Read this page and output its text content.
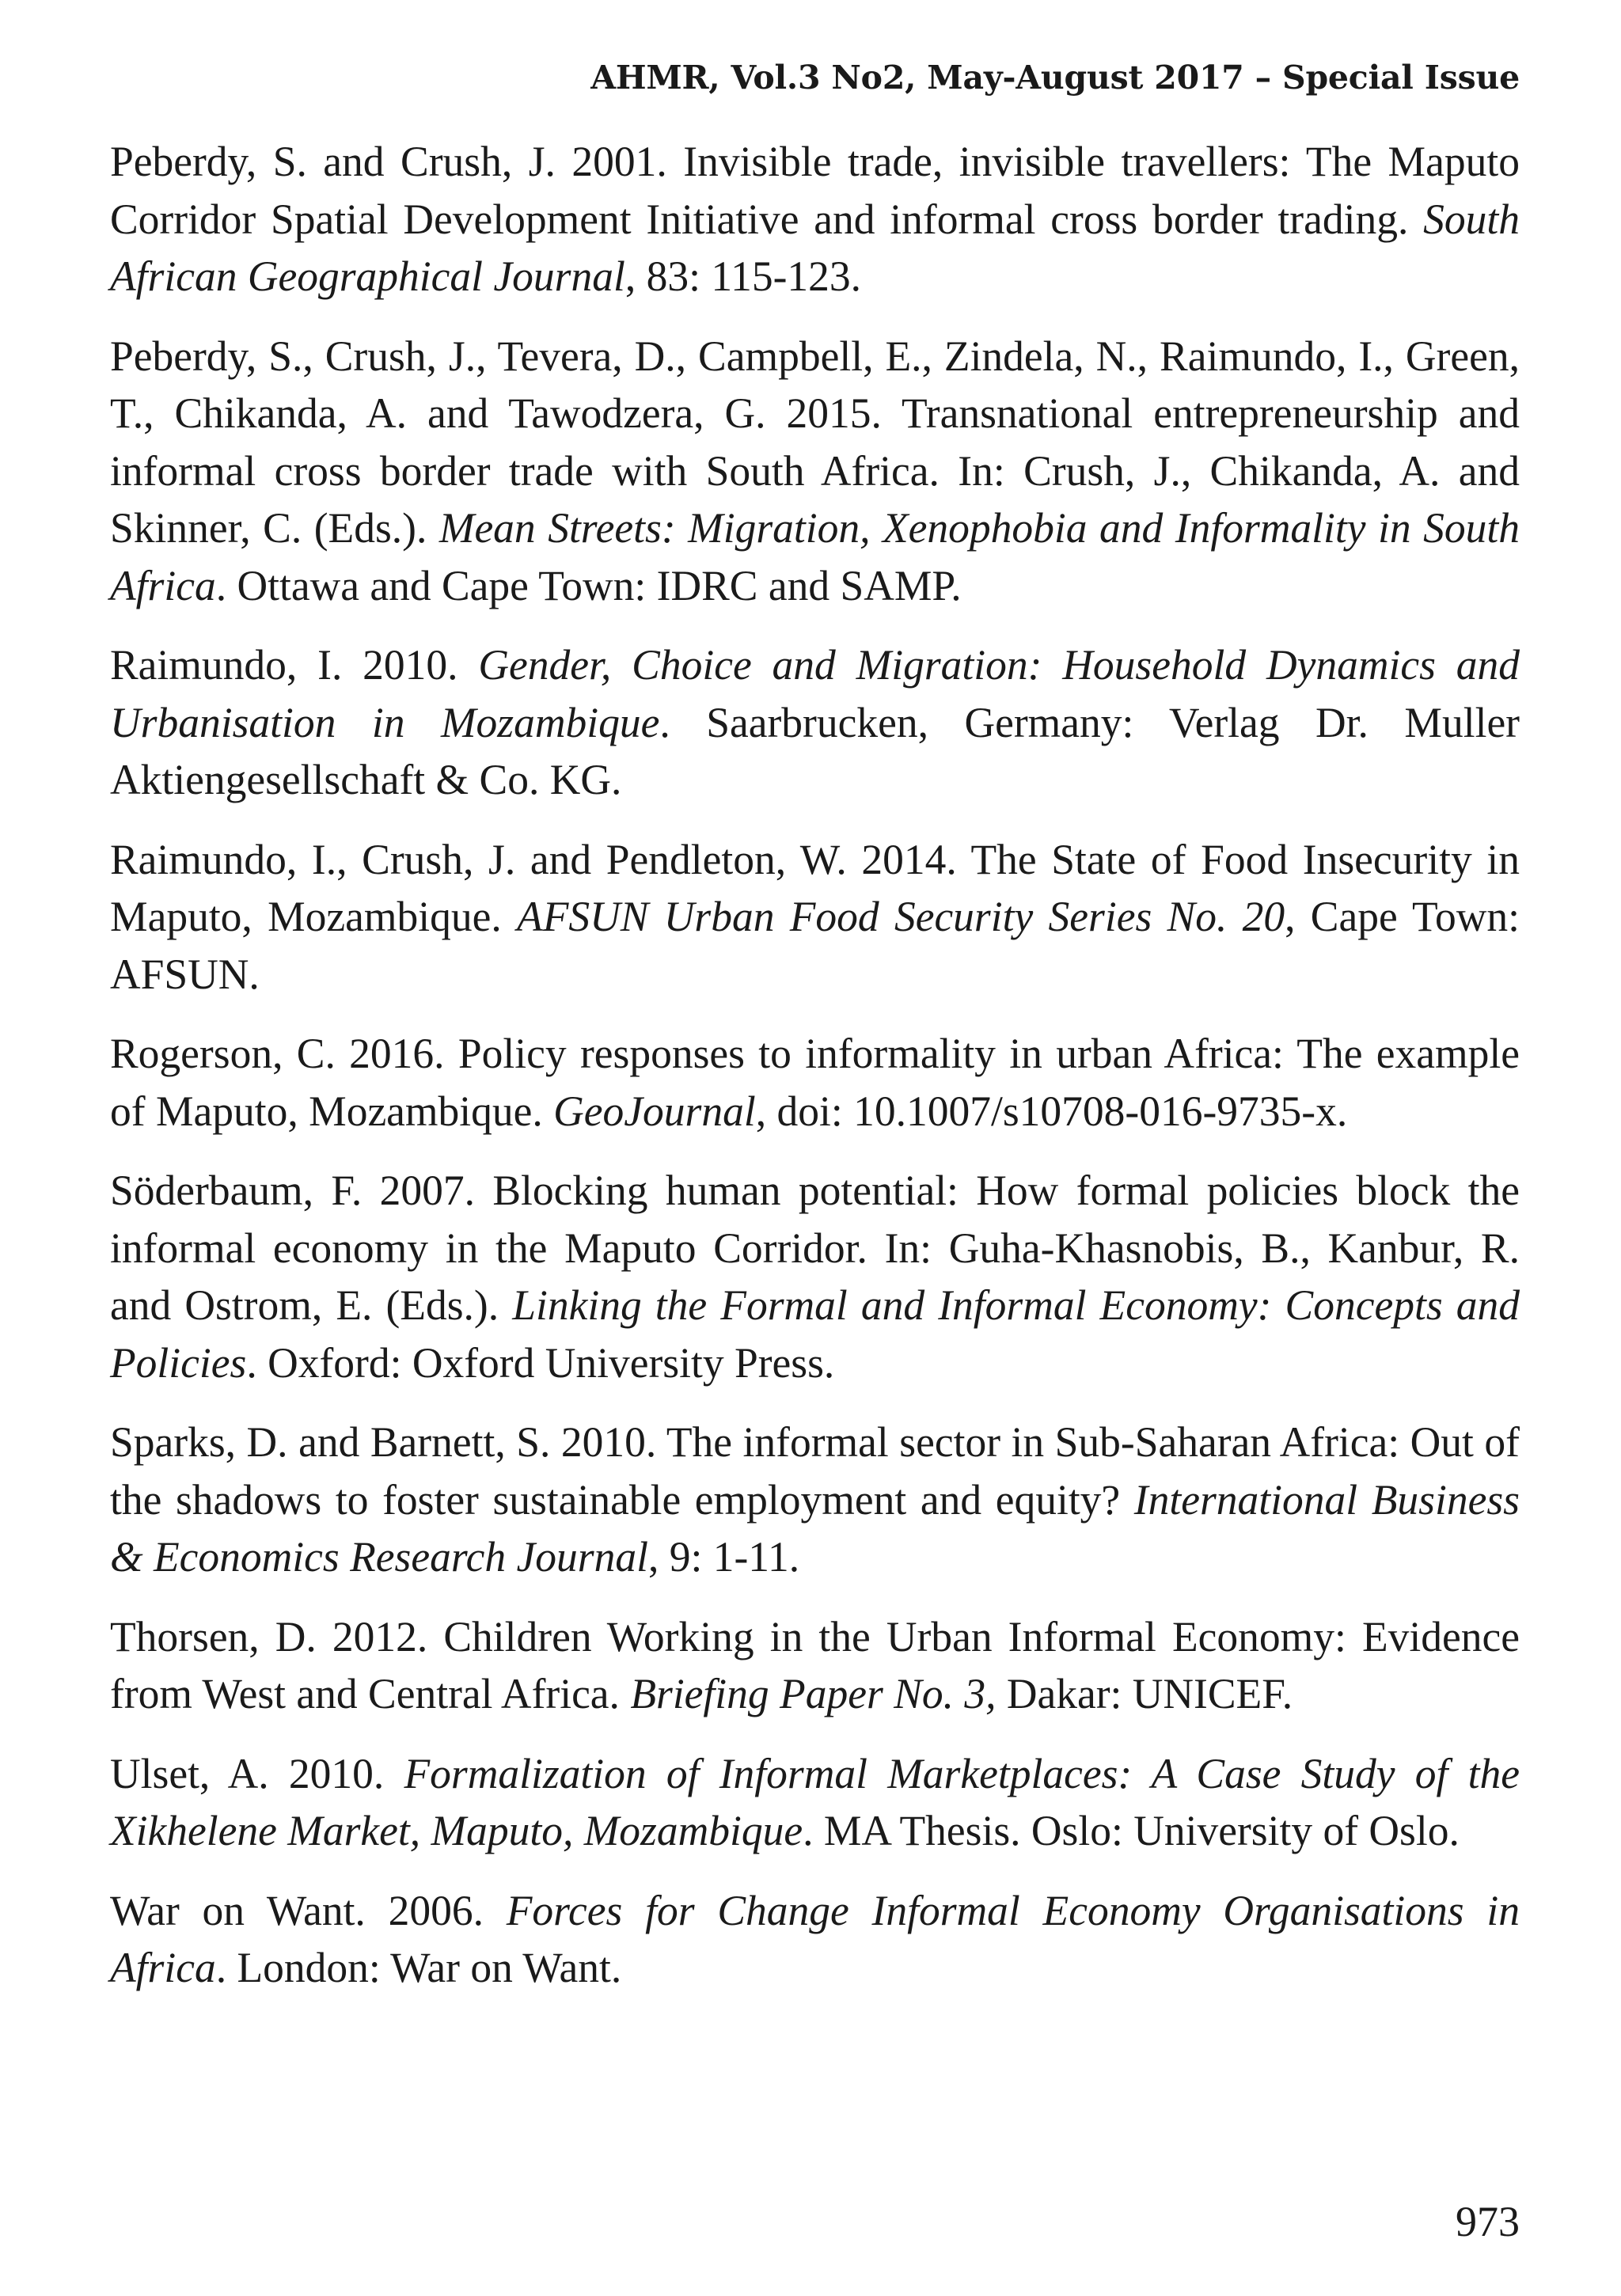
AHMR, Vol.3 No2, May-August 2017 – Special Issue

Peberdy, S. and Crush, J. 2001. Invisible trade, invisible travellers: The Maputo Corridor Spatial Development Initiative and informal cross border trading. South African Geographical Journal, 83: 115-123.

Peberdy, S., Crush, J., Tevera, D., Campbell, E., Zindela, N., Raimundo, I., Green, T., Chikanda, A. and Tawodzera, G. 2015. Transnational entrepreneurship and informal cross border trade with South Africa. In: Crush, J., Chikanda, A. and Skinner, C. (Eds.). Mean Streets: Migration, Xenophobia and Informality in South Africa. Ottawa and Cape Town: IDRC and SAMP.

Raimundo, I. 2010. Gender, Choice and Migration: Household Dynamics and Urbanisation in Mozambique. Saarbrucken, Germany: Verlag Dr. Muller Aktiengesellschaft & Co. KG.

Raimundo, I., Crush, J. and Pendleton, W. 2014. The State of Food Insecurity in Maputo, Mozambique. AFSUN Urban Food Security Series No. 20, Cape Town: AFSUN.

Rogerson, C. 2016. Policy responses to informality in urban Africa: The example of Maputo, Mozambique. GeoJournal, doi: 10.1007/s10708-016-9735-x.

Söderbaum, F. 2007. Blocking human potential: How formal policies block the informal economy in the Maputo Corridor. In: Guha-Khasnobis, B., Kanbur, R. and Ostrom, E. (Eds.). Linking the Formal and Informal Economy: Concepts and Policies. Oxford: Oxford University Press.

Sparks, D. and Barnett, S. 2010. The informal sector in Sub-Saharan Africa: Out of the shadows to foster sustainable employment and equity? International Business & Economics Research Journal, 9: 1-11.

Thorsen, D. 2012. Children Working in the Urban Informal Economy: Evidence from West and Central Africa. Briefing Paper No. 3, Dakar: UNICEF.

Ulset, A. 2010. Formalization of Informal Marketplaces: A Case Study of the Xikhelene Market, Maputo, Mozambique. MA Thesis. Oslo: University of Oslo.

War on Want. 2006. Forces for Change Informal Economy Organisations in Africa. London: War on Want.

973
